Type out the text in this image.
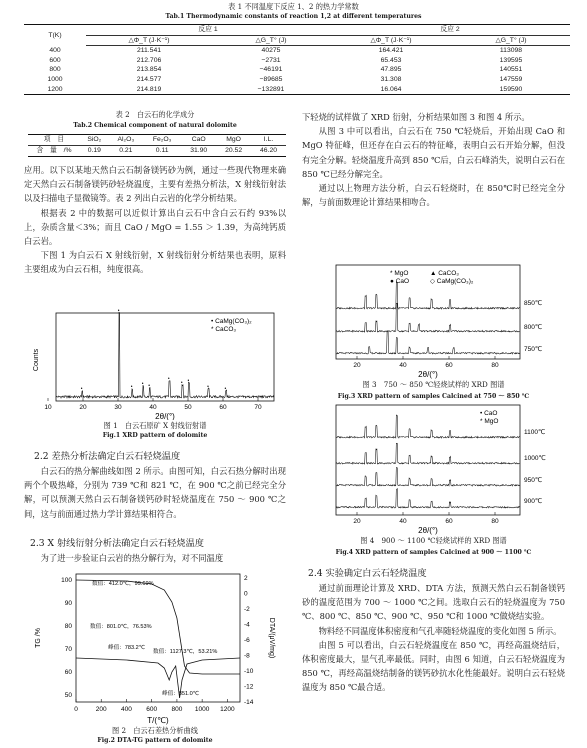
表 1 不同温度下反应 1、2 的热力学常数
Tab.1 Thermodynamic constants of reaction 1,2 at different temperatures
T(K)	反应 1		反应 2	
	△Φ_T (J·K⁻¹)	△G_T° (J)	△Φ_T (J·K⁻¹)	△G_T° (J)
400	211.541	40275	164.421	113098
600	212.706	−2731	65.453	139595
800	213.854	−46191	47.895	140551
1000	214.577	−89685	31.308	147559
1200	214.819	−132891	16.064	159590
表 2　白云石的化学成分
Tab.2 Chemical component of natural dolomite
项　目	SiO₂	Al₂O₃	Fe₂O₃	CaO	MgO	I.L.
含　量　/%	0.19	0.21	0.11	31.90	20.52	46.20

应用。以下以某地天然白云石制备镁钙砂为例，通过一些现代物理来确定天然白云石制备镁钙砂轻烧温度，主要有差热分析法，X 射线衍射法以及扫描电子显微镜等。表 2 列出白云岩的化学分析结果。

根据表 2 中的数据可以近似计算出白云石中含白云石约 93%以上，杂质含量＜3%；而且 CaO / MgO = 1.55 ＞ 1.39，为高纯钙质白云岩。

下图 1 为白云石 X 射线衍射，X 射线衍射分析结果也表明，原料主要组成为白云石相，纯度很高。

•
•
• • •
•
• •
•	•
10	20	30	40	50	60	70
• CaMg(CO₃)₂
* CaCO₃
Counts
2θ/(°)
图 1　白云石原矿 X 射线衍射谱
Fig.1 XRD pattern of dolomite
2.2 差热分析法确定白云石轻烧温度

白云石的热分解曲线如图 2 所示。由图可知，白云石热分解时出现两个个吸热峰，分别为 739 ℃和 821 ℃，在 900 ℃之前已经完全分解，可以预测天然白云石制备镁钙砂时轻烧温度在 750 ～ 900 ℃之间，这与前面通过热力学计算结果相符合。

2.3 X 射线衍射分析法确定白云石轻烧温度

为了进一步验证白云岩的热分解行为，对不同温度

0	200 400 600 800 1000 1200
100
90
80
70
60
50
2
0
-2
-4
-6
-8
-10
-12
-14
数值：412.0℃，99.69%
数值：801.0℃，76.53%
峰值：783.2℃
数值：1127.3℃，53.21%
峰值：851.0℃
TG /%	DTA/(μV/mg)
T/(℃)
图 2　白云石差热分析曲线
Fig.2 DTA-TG pattern of dolomite

下轻烧的试样做了 XRD 衍射，分析结果如图 3 和图 4 所示。

从图 3 中可以看出，白云石在 750 ℃轻烧后，开始出现 CaO 和 MgO 特征峰，但还存在白云石的特征峰，表明白云石开始分解，但没有完全分解。轻烧温度升高到 850 ℃后，白云石峰消失，说明白云石在 850 ℃已经分解完全。

通过以上物理方法分析，白云石轻烧时，在 850℃时已经完全分解，与前面数理论计算结果相吻合。

20	40	60	80
* MgO	▲ CaCO₃
● CaO	◇ CaMg(CO₃)₂
850℃
800℃
750℃
2θ/(°)
图 3　750 ～ 850 ℃轻烧试样的 XRD 图谱
Fig.3 XRD pattern of samples Calcined at 750 ～ 850 ℃
20	40	60	80
• CaO
* MgO
1100℃
1000℃
950℃
900℃
2θ/(°)
图 4　900 ～ 1100 ℃轻烧试样的 XRD 图谱
Fig.4 XRD pattern of samples Calcined at 900 ～ 1100 ℃
2.4 实验确定白云石轻烧温度

通过前面理论计算及 XRD、DTA 方法，预测天然白云石制备镁钙砂的温度范围为 700 ～ 1000 ℃之间。选取白云石的轻烧温度为 750 ℃、800 ℃、850 ℃、900 ℃、950 ℃和 1000 ℃做烧结实验。

物料经不同温度体积密度和气孔率随轻烧温度的变化如图 5 所示。

由图 5 可以看出，白云石轻烧温度在 850 ℃，再经高温烧结后，体积密度最大，显气孔率最低。同时，由图 6 知道，白云石轻烧温度为 850 ℃，再经高温烧结制备的镁钙砂抗水化性能最好。说明白云石轻烧温度为 850 ℃最合适。
